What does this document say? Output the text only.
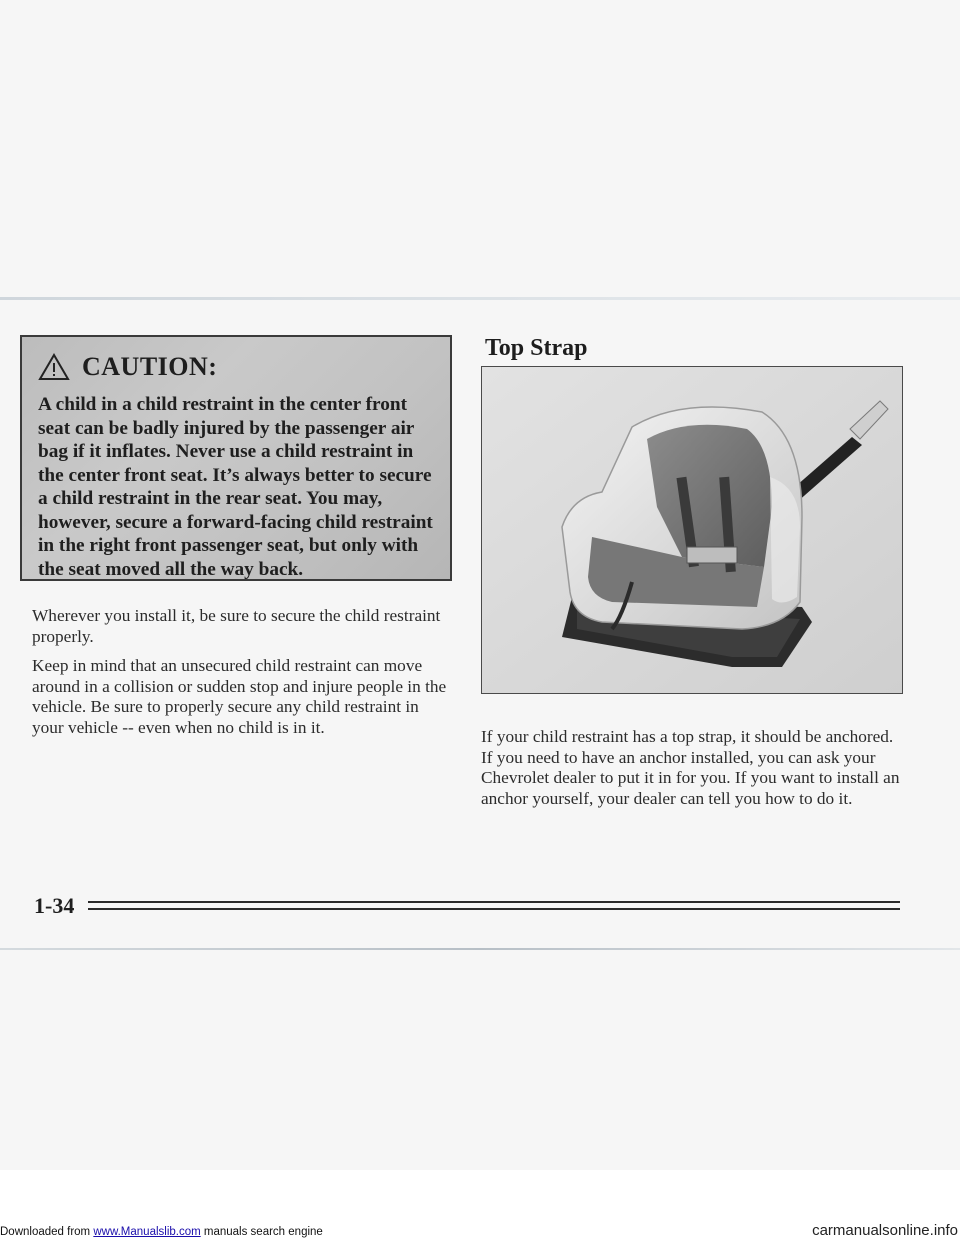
CAUTION:
A child in a child restraint in the center front seat can be badly injured by the passenger air bag if it inflates. Never use a child restraint in the center front seat. It’s always better to secure a child restraint in the rear seat. You may, however, secure a forward-facing child restraint in the right front passenger seat, but only with the seat moved all the way back.

Wherever you install it, be sure to secure the child restraint properly.

Keep in mind that an unsecured child restraint can move around in a collision or sudden stop and injure people in the vehicle. Be sure to properly secure any child restraint in your vehicle -- even when no child is in it.

Top Strap

If your child restraint has a top strap, it should be anchored. If you need to have an anchor installed, you can ask your Chevrolet dealer to put it in for you. If you want to install an anchor yourself, your dealer can tell you how to do it.

1-34

Downloaded from www.Manualslib.com manuals search engine	carmanualsonline.info
